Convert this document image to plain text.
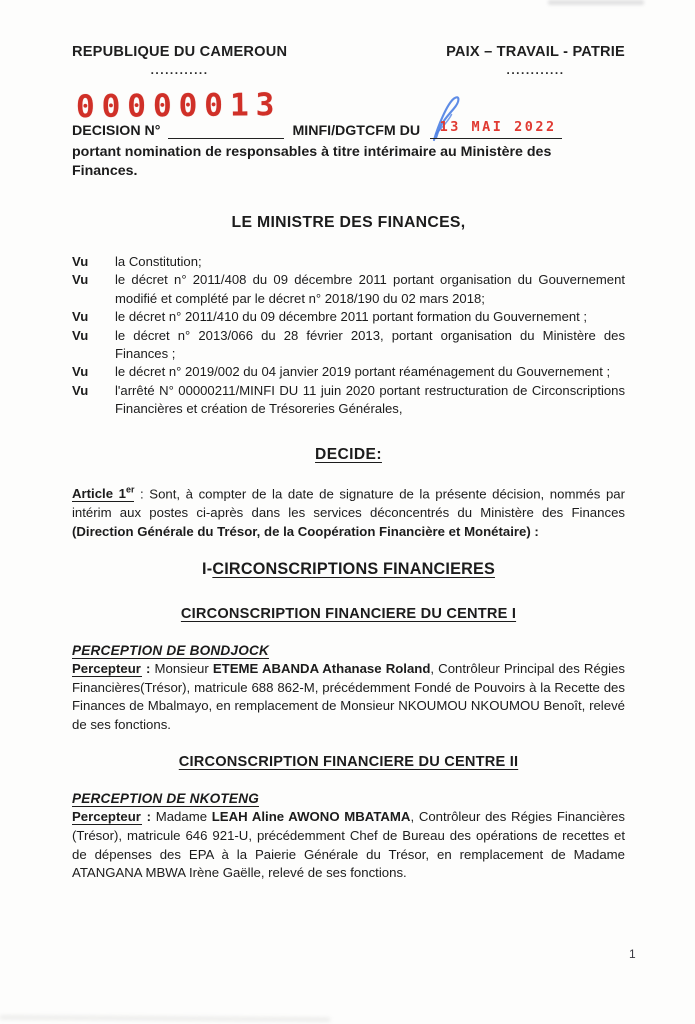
REPUBLIQUE DU CAMEROUN
............
PAIX – TRAVAIL - PATRIE
............
00000013
DECISION N°	MINFI/DGTCFM DU	13 MAI 2022
portant nomination de responsables à titre intérimaire au Ministère des
Finances.
LE MINISTRE DES FINANCES,
Vu	la Constitution;
Vu	le décret n° 2011/408 du 09 décembre 2011 portant organisation du Gouvernement modifié et complété par le décret n° 2018/190 du 02 mars 2018;
Vu	le décret n° 2011/410 du 09 décembre 2011 portant formation du Gouvernement ;
Vu	le décret n° 2013/066 du 28 février 2013, portant organisation du Ministère des Finances ;
Vu	le décret n° 2019/002 du 04 janvier 2019 portant réaménagement du Gouvernement ;
Vu	l'arrêté N° 00000211/MINFI DU 11 juin 2020 portant restructuration de Circonscriptions Financières et création de Trésoreries Générales,
DECIDE:
Article 1er : Sont, à compter de la date de signature de la présente décision, nommés par intérim aux postes ci-après dans les services déconcentrés du Ministère des Finances (Direction Générale du Trésor, de la Coopération Financière et Monétaire) :
I-CIRCONSCRIPTIONS FINANCIERES
CIRCONSCRIPTION FINANCIERE DU CENTRE I
PERCEPTION DE BONDJOCK
Percepteur : Monsieur ETEME ABANDA Athanase Roland, Contrôleur Principal des Régies Financières(Trésor), matricule 688 862-M, précédemment Fondé de Pouvoirs à la Recette des Finances de Mbalmayo, en remplacement de Monsieur NKOUMOU NKOUMOU Benoît, relevé de ses fonctions.
CIRCONSCRIPTION FINANCIERE DU CENTRE II
PERCEPTION DE NKOTENG
Percepteur : Madame LEAH Aline AWONO MBATAMA, Contrôleur des Régies Financières (Trésor), matricule 646 921-U, précédemment Chef de Bureau des opérations de recettes et de dépenses des EPA à la Paierie Générale du Trésor, en remplacement de Madame ATANGANA MBWA Irène Gaëlle, relevé de ses fonctions.
1
